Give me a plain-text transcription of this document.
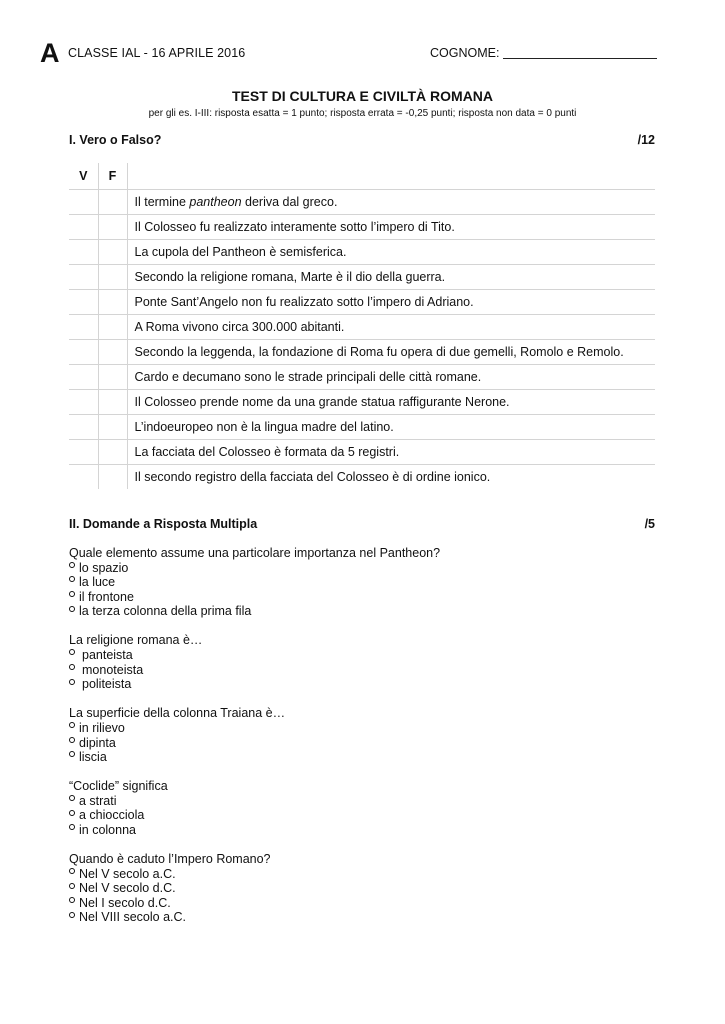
A CLASSE IAL - 16 APRILE 2016	COGNOME:
TEST DI CULTURA E CIVILTÀ ROMANA
per gli es. I-III: risposta esatta = 1 punto; risposta errata = -0,25 punti; risposta non data = 0 punti
I. Vero o Falso?	/12
V	F	
		Il termine pantheon deriva dal greco.
		Il Colosseo fu realizzato interamente sotto l’impero di Tito.
		La cupola del Pantheon è semisferica.
		Secondo la religione romana, Marte è il dio della guerra.
		Ponte Sant’Angelo non fu realizzato sotto l’impero di Adriano.
		A Roma vivono circa 300.000 abitanti.
		Secondo la leggenda, la fondazione di Roma fu opera di due gemelli, Romolo e Remolo.
		Cardo e decumano sono le strade principali delle città romane.
		Il Colosseo prende nome da una grande statua raffigurante Nerone.
		L’indoeuropeo non è la lingua madre del latino.
		La facciata del Colosseo è formata da 5 registri.
		Il secondo registro della facciata del Colosseo è di ordine ionico.
II. Domande a Risposta Multipla	/5
Quale elemento assume una particolare importanza nel Pantheon?
lo spazio
la luce
il frontone
la terza colonna della prima fila
La religione romana è…
panteista
monoteista
politeista
La superficie della colonna Traiana è…
in rilievo
dipinta
liscia
“Coclide” significa
a strati
a chiocciola
in colonna
Quando è caduto l’Impero Romano?
Nel V secolo a.C.
Nel V secolo d.C.
Nel I secolo d.C.
Nel VIII secolo a.C.
